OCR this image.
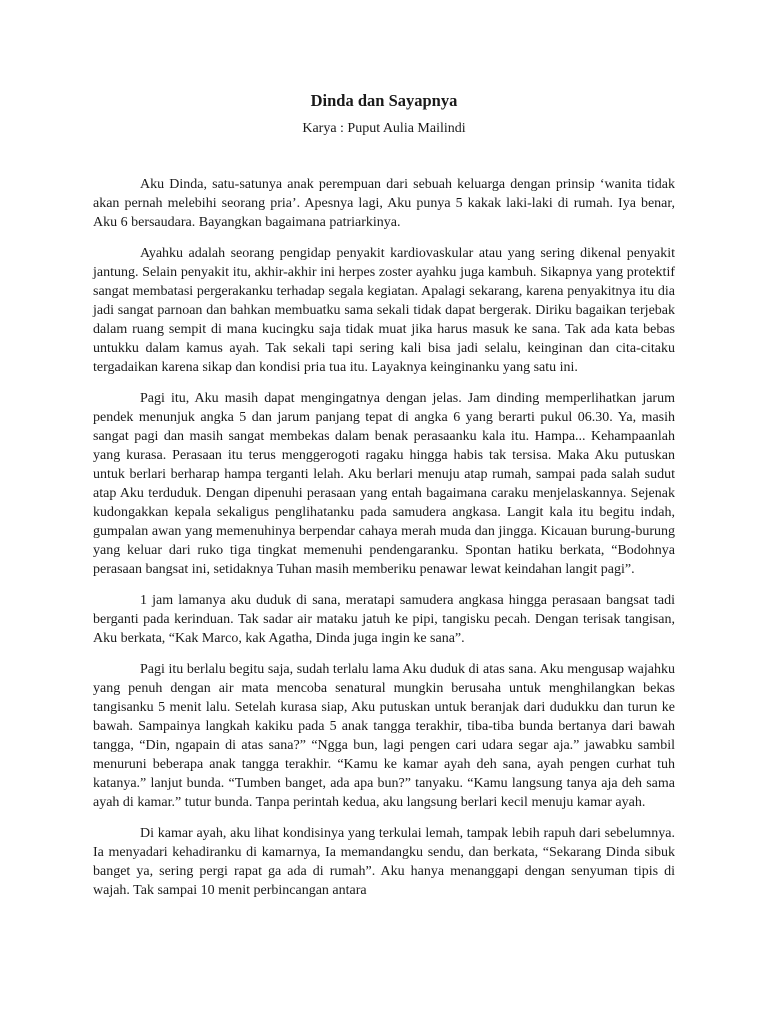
Dinda dan Sayapnya

Karya : Puput Aulia Mailindi

Aku Dinda, satu-satunya anak perempuan dari sebuah keluarga dengan prinsip ‘wanita tidak akan pernah melebihi seorang pria’. Apesnya lagi, Aku punya 5 kakak laki-laki di rumah. Iya benar, Aku 6 bersaudara. Bayangkan bagaimana patriarkinya.

Ayahku adalah seorang pengidap penyakit kardiovaskular atau yang sering dikenal penyakit jantung. Selain penyakit itu, akhir-akhir ini herpes zoster ayahku juga kambuh. Sikapnya yang protektif sangat membatasi pergerakanku terhadap segala kegiatan. Apalagi sekarang, karena penyakitnya itu dia jadi sangat parnoan dan bahkan membuatku sama sekali tidak dapat bergerak. Diriku bagaikan terjebak dalam ruang sempit di mana kucingku saja tidak muat jika harus masuk ke sana. Tak ada kata bebas untukku dalam kamus ayah. Tak sekali tapi sering kali bisa jadi selalu, keinginan dan cita-citaku tergadaikan karena sikap dan kondisi pria tua itu. Layaknya keinginanku yang satu ini.

Pagi itu, Aku masih dapat mengingatnya dengan jelas. Jam dinding memperlihatkan jarum pendek menunjuk angka 5 dan jarum panjang tepat di angka 6 yang berarti pukul 06.30. Ya, masih sangat pagi dan masih sangat membekas dalam benak perasaanku kala itu. Hampa... Kehampaanlah yang kurasa. Perasaan itu terus menggerogoti ragaku hingga habis tak tersisa. Maka Aku putuskan untuk berlari berharap hampa terganti lelah. Aku berlari menuju atap rumah, sampai pada salah sudut atap Aku terduduk. Dengan dipenuhi perasaan yang entah bagaimana caraku menjelaskannya. Sejenak kudongakkan kepala sekaligus penglihatanku pada samudera angkasa. Langit kala itu begitu indah, gumpalan awan yang memenuhinya berpendar cahaya merah muda dan jingga. Kicauan burung-burung yang keluar dari ruko tiga tingkat memenuhi pendengaranku. Spontan hatiku berkata, “Bodohnya perasaan bangsat ini, setidaknya Tuhan masih memberiku penawar lewat keindahan langit pagi”.

1 jam lamanya aku duduk di sana, meratapi samudera angkasa hingga perasaan bangsat tadi berganti pada kerinduan. Tak sadar air mataku jatuh ke pipi, tangisku pecah. Dengan terisak tangisan, Aku berkata, “Kak Marco, kak Agatha, Dinda juga ingin ke sana”.

Pagi itu berlalu begitu saja, sudah terlalu lama Aku duduk di atas sana. Aku mengusap wajahku yang penuh dengan air mata mencoba senatural mungkin berusaha untuk menghilangkan bekas tangisanku 5 menit lalu. Setelah kurasa siap, Aku putuskan untuk beranjak dari dudukku dan turun ke bawah. Sampainya langkah kakiku pada 5 anak tangga terakhir, tiba-tiba bunda bertanya dari bawah tangga, “Din, ngapain di atas sana?” “Ngga bun, lagi pengen cari udara segar aja.” jawabku sambil menuruni beberapa anak tangga terakhir. “Kamu ke kamar ayah deh sana, ayah pengen curhat tuh katanya.” lanjut bunda. “Tumben banget, ada apa bun?” tanyaku. “Kamu langsung tanya aja deh sama ayah di kamar.” tutur bunda. Tanpa perintah kedua, aku langsung berlari kecil menuju kamar ayah.

Di kamar ayah, aku lihat kondisinya yang terkulai lemah, tampak lebih rapuh dari sebelumnya. Ia menyadari kehadiranku di kamarnya, Ia memandangku sendu, dan berkata, “Sekarang Dinda sibuk banget ya, sering pergi rapat ga ada di rumah”. Aku hanya menanggapi dengan senyuman tipis di wajah. Tak sampai 10 menit perbincangan antara
